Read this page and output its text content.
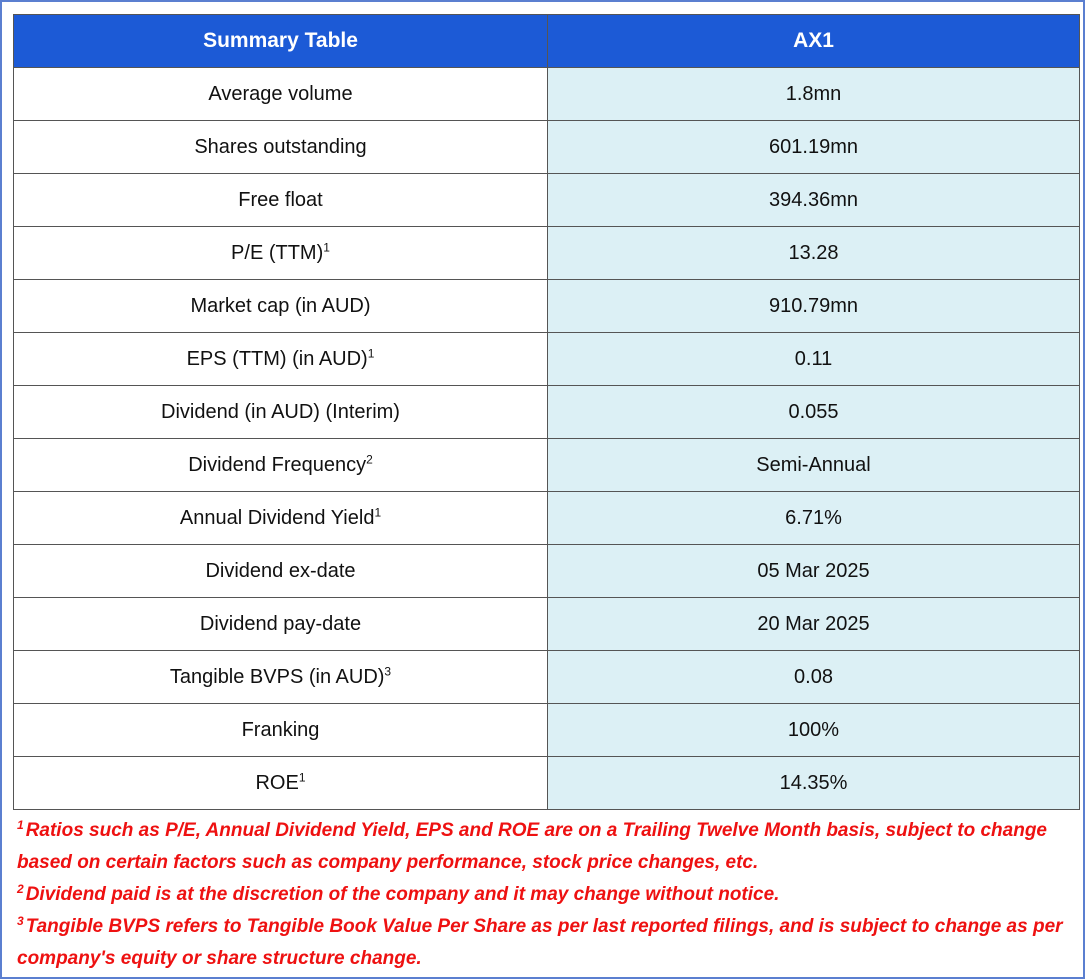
Summary Table	AX1
Average volume	1.8mn
Shares outstanding	601.19mn
Free float	394.36mn
P/E (TTM)$^1$	13.28
Market cap (in AUD)	910.79mn
EPS (TTM) (in AUD)$^1$	0.11
Dividend (in AUD) (Interim)	0.055
Dividend Frequency$^2$	Semi-Annual
Annual Dividend Yield$^1$	6.71%
Dividend ex-date	05 Mar 2025
Dividend pay-date	20 Mar 2025
Tangible BVPS (in AUD)$^3$	0.08
Franking	100%
ROE$^1$	14.35%

$^1$ Ratios such as P/E, Annual Dividend Yield, EPS and ROE are on a Trailing Twelve Month basis, subject to change based on certain factors such as company performance, stock price changes, etc.

$^2$ Dividend paid is at the discretion of the company and it may change without notice.

$^3$ Tangible BVPS refers to Tangible Book Value Per Share as per last reported filings, and is subject to change as per company's equity or share structure change.
